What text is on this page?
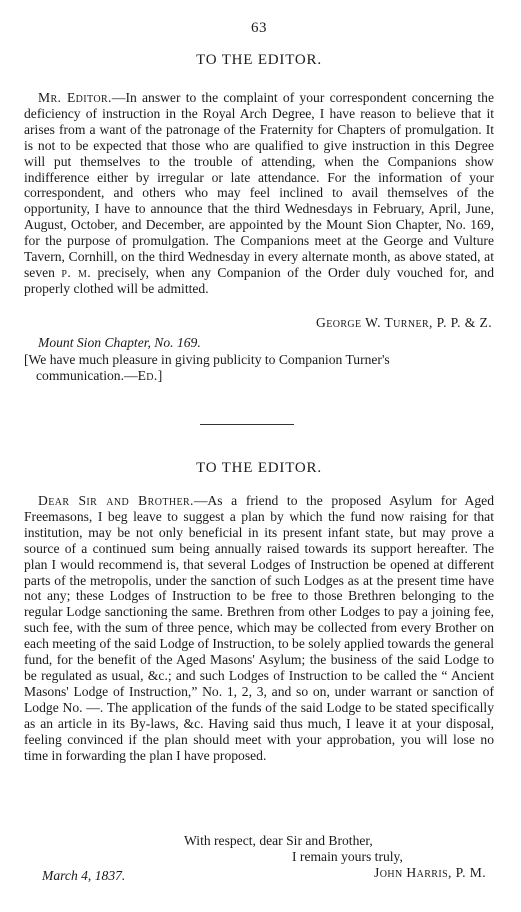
63
TO THE EDITOR.
Mr. Editor.—In answer to the complaint of your correspondent concerning the deficiency of instruction in the Royal Arch Degree, I have reason to believe that it arises from a want of the patronage of the Fraternity for Chapters of promulgation. It is not to be expected that those who are qualified to give instruction in this Degree will put themselves to the trouble of attending, when the Companions show indifference either by irregular or late attendance. For the information of your correspondent, and others who may feel inclined to avail themselves of the opportunity, I have to announce that the third Wednesdays in February, April, June, August, October, and December, are appointed by the Mount Sion Chapter, No. 169, for the purpose of promulgation. The Companions meet at the George and Vulture Tavern, Cornhill, on the third Wednesday in every alternate month, as above stated, at seven p. m. precisely, when any Companion of the Order duly vouched for, and properly clothed will be admitted.
George W. Turner, P. P. & Z.
Mount Sion Chapter, No. 169.
[We have much pleasure in giving publicity to Companion Turner's
communication.—Ed.]
TO THE EDITOR.
Dear Sir and Brother.—As a friend to the proposed Asylum for Aged Freemasons, I beg leave to suggest a plan by which the fund now raising for that institution, may be not only beneficial in its present infant state, but may prove a source of a continued sum being annually raised towards its support hereafter. The plan I would recommend is, that several Lodges of Instruction be opened at different parts of the metropolis, under the sanction of such Lodges as at the present time have not any; these Lodges of Instruction to be free to those Brethren belonging to the regular Lodge sanctioning the same. Brethren from other Lodges to pay a joining fee, such fee, with the sum of three pence, which may be collected from every Brother on each meeting of the said Lodge of Instruction, to be solely applied towards the general fund, for the benefit of the Aged Masons' Asylum; the business of the said Lodge to be regulated as usual, &c.; and such Lodges of Instruction to be called the “ Ancient Masons' Lodge of Instruction,” No. 1, 2, 3, and so on, under warrant or sanction of Lodge No. —. The application of the funds of the said Lodge to be stated specifically as an article in its By-laws, &c. Having said thus much, I leave it at your disposal, feeling convinced if the plan should meet with your approbation, you will lose no time in forwarding the plan I have proposed.
With respect, dear Sir and Brother,
I remain yours truly,
March 4, 1837.	John Harris, P. M.
